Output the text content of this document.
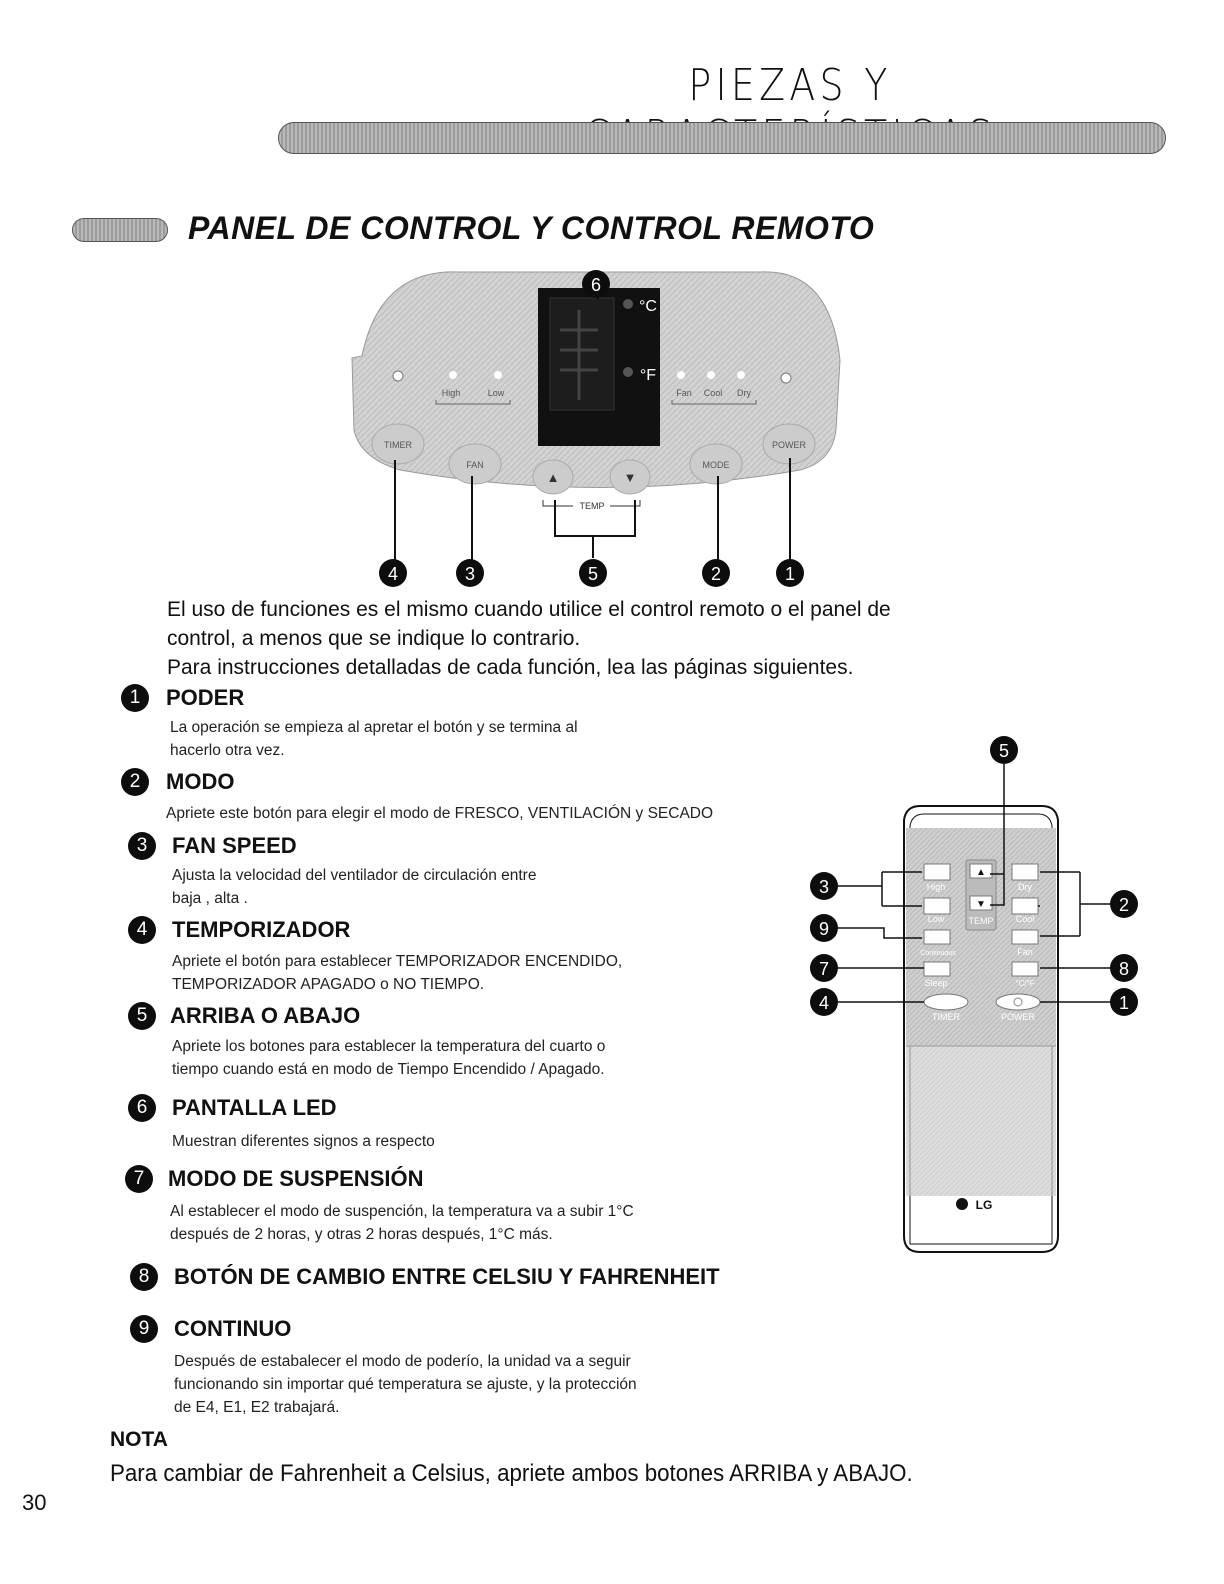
PIEZAS Y
PANEL DE CONTROL Y CONTROL REMOTO
°C
°F
High	Low	Fan Cool Dry
TIMER
FAN
▲	▼
TEMP
MODE
POWER
6
4	3	5	2	1

El uso de funciones es el mismo cuando utilice el control remoto o el panel de

control, a menos que se indique lo contrario.

Para instrucciones detalladas de cada función, lea las páginas siguientes.

1	PODER
La operación se empieza al apretar el botón y se termina al
hacerlo otra vez.
2	MODO
Apriete este botón para elegir el modo de FRESCO, VENTILACIÓN y SECADO
3	FAN SPEED
Ajusta la velocidad del ventilador de circulación entre
baja , alta .
4	TEMPORIZADOR
Apriete el botón para establecer TEMPORIZADOR ENCENDIDO,
TEMPORIZADOR APAGADO o NO TIEMPO.
5	ARRIBA O ABAJO
Apriete los botones para establecer la temperatura del cuarto o
tiempo cuando está en modo de Tiempo Encendido / Apagado.
6	PANTALLA LED
Muestran diferentes signos a respecto
7	MODO DE SUSPENSIÓN
Al establecer el modo de suspención, la temperatura va a subir 1°C
después de 2 horas, y otras 2 horas después, 1°C más.
8	BOTÓN DE CAMBIO ENTRE CELSIU Y FAHRENHEIT
9	CONTINUO
Después de estabalecer el modo de poderío, la unidad va a seguir
funcionando sin importar qué temperatura se ajuste, y la protección
de E4, E1, E2 trabajará.
High
Low
Continuous
Sleep
▲
▼
TEMP
Dry
Cool
Fan
°C/°F
TIMER	POWER
LG
5
3
9
7
4
2
8
1
NOTA
Para cambiar de Fahrenheit a Celsius, apriete ambos botones ARRIBA y ABAJO.
30
